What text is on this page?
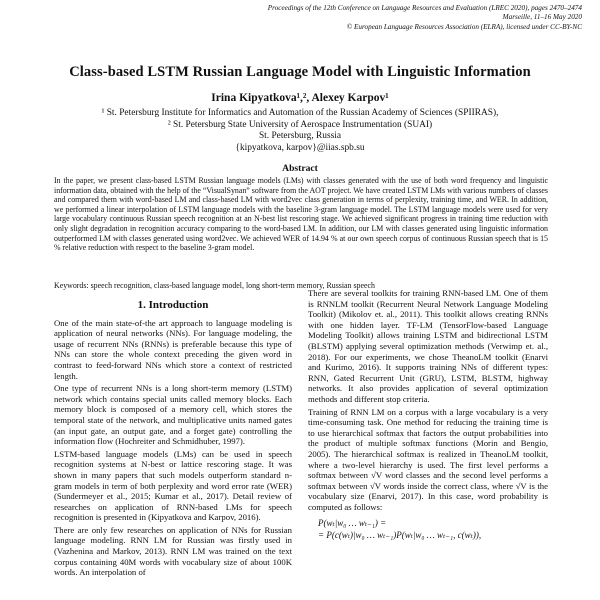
Proceedings of the 12th Conference on Language Resources and Evaluation (LREC 2020), pages 2470–2474
Marseille, 11–16 May 2020
© European Language Resources Association (ELRA), licensed under CC-BY-NC
Class-based LSTM Russian Language Model with Linguistic Information
Irina Kipyatkova¹,², Alexey Karpov¹
¹ St. Petersburg Institute for Informatics and Automation of the Russian Academy of Sciences (SPIIRAS),
² St. Petersburg State University of Aerospace Instrumentation (SUAI)
St. Petersburg, Russia
{kipyatkova, karpov}@iias.spb.su
Abstract
In the paper, we present class-based LSTM Russian language models (LMs) with classes generated with the use of both word frequency and linguistic information data, obtained with the help of the “VisualSynan” software from the AOT project. We have created LSTM LMs with various numbers of classes and compared them with word-based LM and class-based LM with word2vec class generation in terms of perplexity, training time, and WER. In addition, we performed a linear interpolation of LSTM language models with the baseline 3-gram language model. The LSTM language models were used for very large vocabulary continuous Russian speech recognition at an N-best list rescoring stage. We achieved significant progress in training time reduction with only slight degradation in recognition accuracy comparing to the word-based LM. In addition, our LM with classes generated using linguistic information outperformed LM with classes generated using word2vec. We achieved WER of 14.94 % at our own speech corpus of continuous Russian speech that is 15 % relative reduction with respect to the baseline 3-gram model.
Keywords: speech recognition, class-based language model, long short-term memory, Russian speech
1. Introduction

One of the main state-of-the art approach to language modeling is application of neural networks (NNs). For language modeling, the usage of recurrent NNs (RNNs) is preferable because this type of NNs can store the whole context preceding the given word in contrast to feed-forward NNs which store a context of restricted length.

One type of recurrent NNs is a long short-term memory (LSTM) network which contains special units called memory blocks. Each memory block is composed of a memory cell, which stores the temporal state of the network, and multiplicative units named gates (an input gate, an output gate, and a forget gate) controlling the information flow (Hochreiter and Schmidhuber, 1997).

LSTM-based language models (LMs) can be used in speech recognition systems at N-best or lattice rescoring stage. It was shown in many papers that such models outperform standard n-gram models in term of both perplexity and word error rate (WER) (Sundermeyer et al., 2015; Kumar et al., 2017). Detail review of researches on application of RNN-based LMs for speech recognition is presented in (Kipyatkova and Karpov, 2016).

There are only few researches on application of NNs for Russian language modeling. RNN LM for Russian was firstly used in (Vazhenina and Markov, 2013). RNN LM was trained on the text corpus containing 40M words with vocabulary size of about 100K words. An interpolation of

There are several toolkits for training RNN-based LM. One of them is RNNLM toolkit (Recurrent Neural Network Language Modeling Toolkit) (Mikolov et. al., 2011). This toolkit allows creating RNNs with one hidden layer. TF-LM (TensorFlow-based Language Modeling Toolkit) allows training LSTM and bidirectional LSTM (BLSTM) applying several optimization methods (Verwimp et. al., 2018). For our experiments, we chose TheanoLM toolkit (Enarvi and Kurimo, 2016). It supports training NNs of different types: RNN, Gated Recurrent Unit (GRU), LSTM, BLSTM, highway networks. It also provides application of several optimization methods and different stop criteria.

Training of RNN LM on a corpus with a large vocabulary is a very time-consuming task. One method for reducing the training time is to use hierarchical softmax that factors the output probabilities into the product of multiple softmax functions (Morin and Bengio, 2005). The hierarchical softmax is realized in TheanoLM toolkit, where a two-level hierarchy is used. The first level performs a softmax between √V word classes and the second level performs a softmax between √V words inside the correct class, where √V is the vocabulary size (Enarvi, 2017). In this case, word probability is computed as follows:

P(wₜ|w₀ … wₜ₋₁) =
= P(c(wₜ)|w₀ … wₜ₋₁)P(wₜ|w₀ … wₜ₋₁, c(wₜ)),
